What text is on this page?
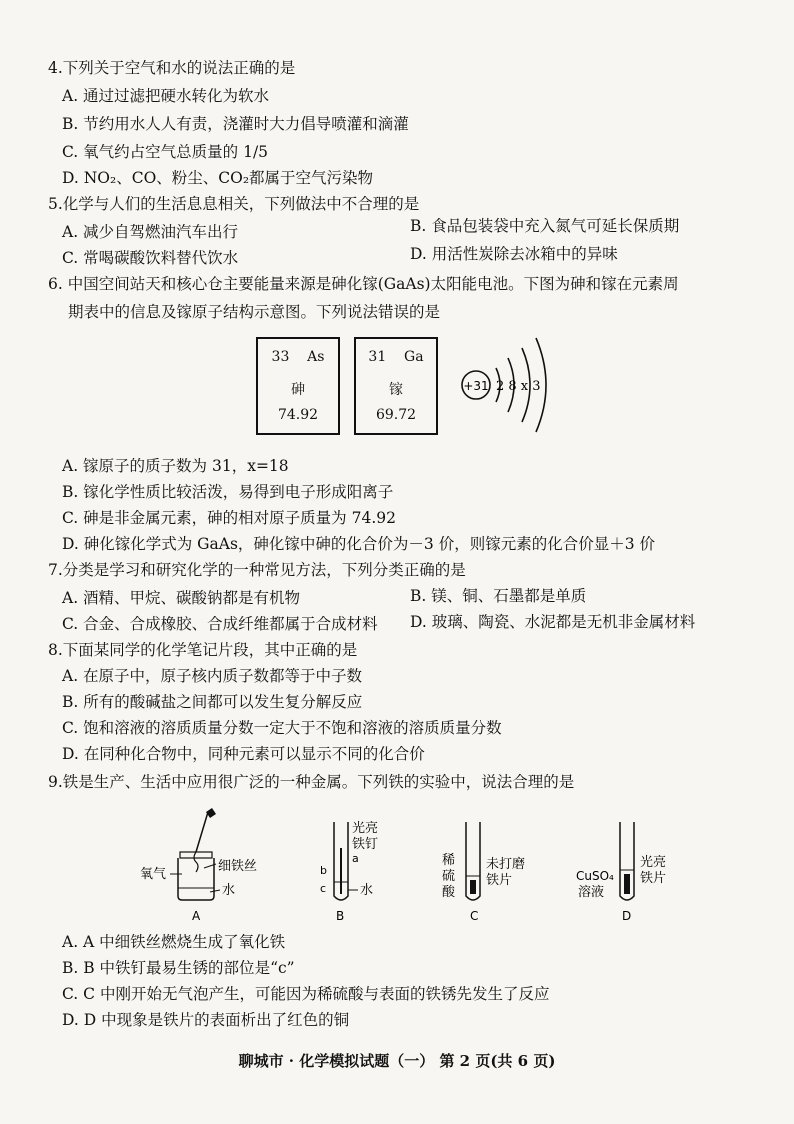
4.下列关于空气和水的说法正确的是
A. 通过过滤把硬水转化为软水
B. 节约用水人人有责，浇灌时大力倡导喷灌和滴灌
C. 氧气约占空气总质量的 1/5
D. NO₂、CO、粉尘、CO₂都属于空气污染物
5.化学与人们的生活息息相关，下列做法中不合理的是
A. 减少自驾燃油汽车出行	B. 食品包装袋中充入氮气可延长保质期
C. 常喝碳酸饮料替代饮水	D. 用活性炭除去冰箱中的异味
6. 中国空间站天和核心仓主要能量来源是砷化镓(GaAs)太阳能电池。下图为砷和镓在元素周
期表中的信息及镓原子结构示意图。下列说法错误的是
33 As
砷
74.92
31 Ga
镓
69.72
+31 2 8 x 3
A. 镓原子的质子数为 31，x=18
B. 镓化学性质比较活泼，易得到电子形成阳离子
C. 砷是非金属元素，砷的相对原子质量为 74.92
D. 砷化镓化学式为 GaAs，砷化镓中砷的化合价为－3 价，则镓元素的化合价显＋3 价
7.分类是学习和研究化学的一种常见方法，下列分类正确的是
A. 酒精、甲烷、碳酸钠都是有机物	B. 镁、铜、石墨都是单质
C. 合金、合成橡胶、合成纤维都属于合成材料 D. 玻璃、陶瓷、水泥都是无机非金属材料
8.下面某同学的化学笔记片段，其中正确的是
A. 在原子中，原子核内质子数都等于中子数
B. 所有的酸碱盐之间都可以发生复分解反应
C. 饱和溶液的溶质质量分数一定大于不饱和溶液的溶质质量分数
D. 在同种化合物中，同种元素可以显示不同的化合价
9.铁是生产、生活中应用很广泛的一种金属。下列铁的实验中，说法合理的是
氧气
细铁丝
水
A
光亮
铁钉
a
b
c	水
B
稀
硫
酸
未打磨
铁片
C
CuSO₄
溶液
光亮
铁片
D
A. A 中细铁丝燃烧生成了氧化铁
B. B 中铁钉最易生锈的部位是“c”
C. C 中刚开始无气泡产生，可能因为稀硫酸与表面的铁锈先发生了反应
D. D 中现象是铁片的表面析出了红色的铜
聊城市 · 化学模拟试题（一） 第 2 页(共 6 页)
